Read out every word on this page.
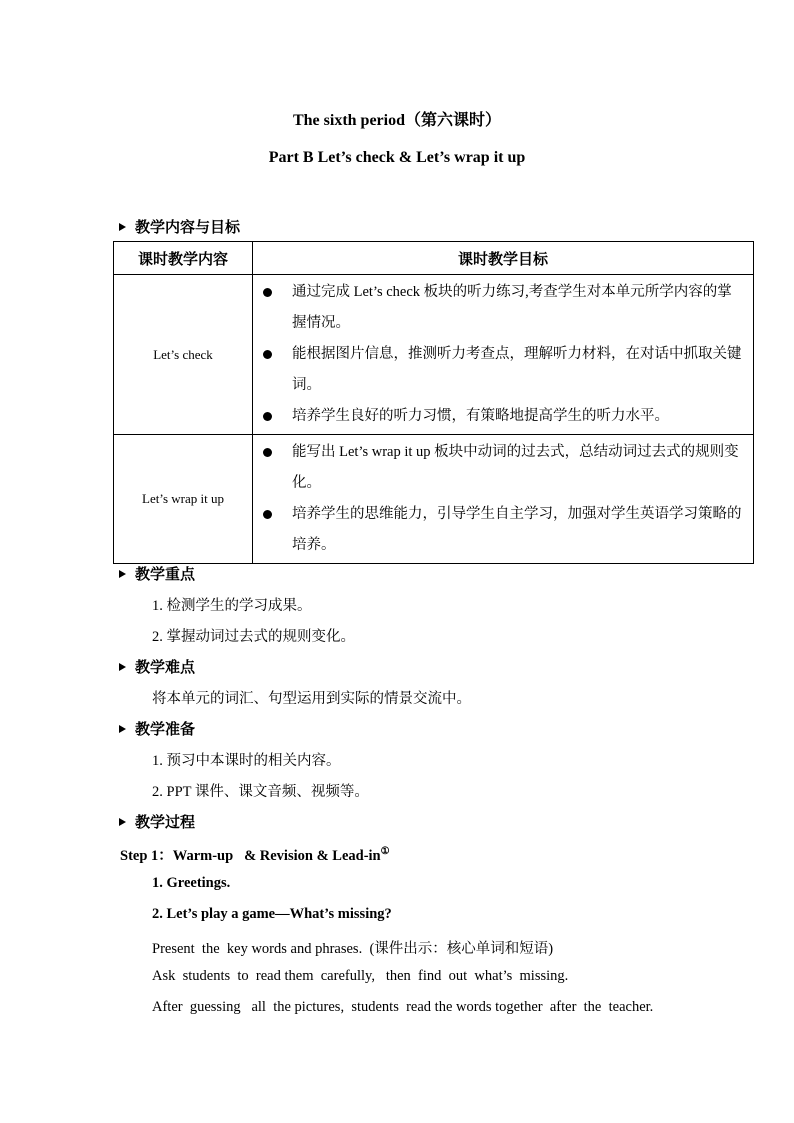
The sixth period（第六课时）
Part B Let’s check & Let’s wrap it up
教学内容与目标
课时教学内容	课时教学目标
Let’s check	通过完成 Let’s check 板块的听力练习,考查学生对本单元所学内容的掌握情况。
能根据图片信息，推测听力考查点，理解听力材料，在对话中抓取关键词。
培养学生良好的听力习惯，有策略地提高学生的听力水平。

Let’s wrap it up	能写出 Let’s wrap it up 板块中动词的过去式，总结动词过去式的规则变化。
培养学生的思维能力，引导学生自主学习，加强对学生英语学习策略的培养。
教学重点
1. 检测学生的学习成果。
2. 掌握动词过去式的规则变化。
教学难点
将本单元的词汇、句型运用到实际的情景交流中。
教学准备
1. 预习中本课时的相关内容。
2. PPT 课件、课文音频、视频等。
教学过程
Step 1：Warm-up   & Revision & Lead-in①
1. Greetings.
2. Let’s play a game—What’s missing?
Present  the  key words and phrases.  (课件出示：核心单词和短语)
Ask  students  to  read them  carefully,   then  find  out  what’s  missing.
After  guessing   all  the pictures,  students  read the words together  after  the  teacher.
